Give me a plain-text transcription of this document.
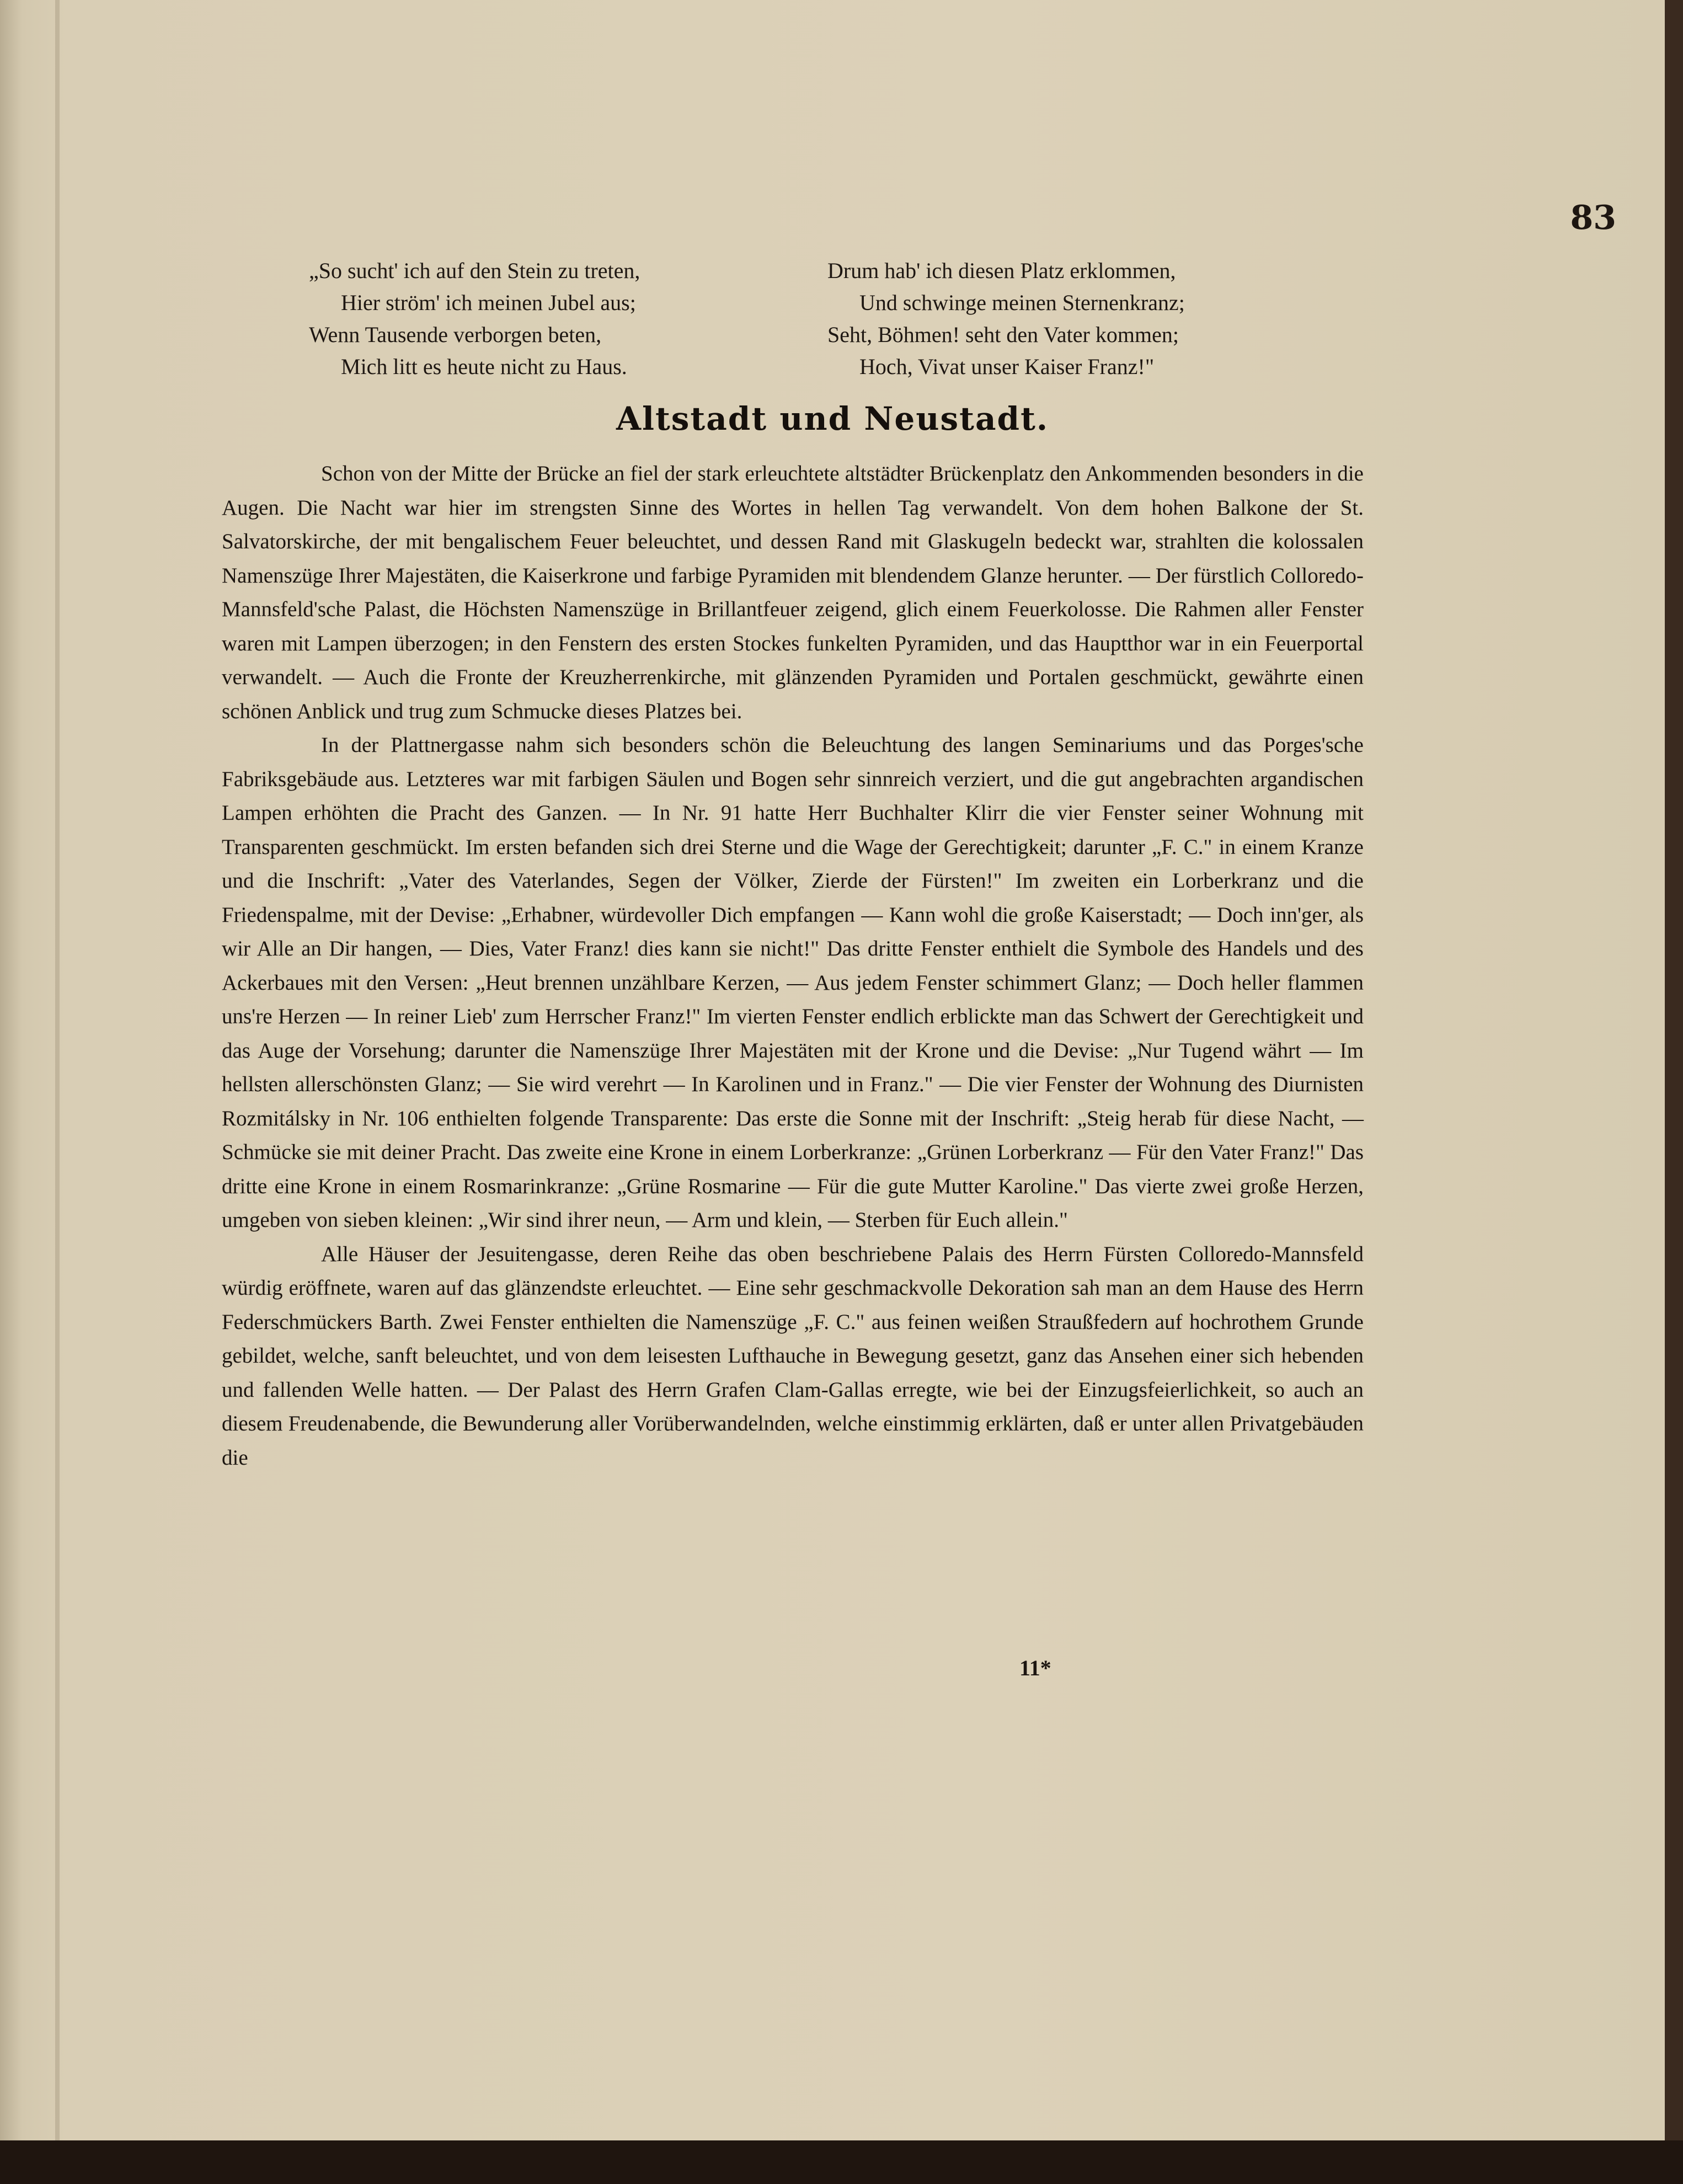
83
„So sucht' ich auf den Stein zu treten,
Hier ström' ich meinen Jubel aus;
Wenn Tausende verborgen beten,
Mich litt es heute nicht zu Haus.
Drum hab' ich diesen Platz erklommen,
Und schwinge meinen Sternenkranz;
Seht, Böhmen! seht den Vater kommen;
Hoch, Vivat unser Kaiser Franz!"
Altstadt und Neustadt.

Schon von der Mitte der Brücke an fiel der stark erleuchtete altstädter Brückenplatz den Ankommenden besonders in die Augen. Die Nacht war hier im strengsten Sinne des Wortes in hellen Tag verwandelt. Von dem hohen Balkone der St. Salvatorskirche, der mit bengalischem Feuer beleuchtet, und dessen Rand mit Glaskugeln bedeckt war, strahlten die kolossalen Namenszüge Ihrer Majestäten, die Kaiserkrone und farbige Pyramiden mit blendendem Glanze herunter. — Der fürstlich Colloredo-Mannsfeld'sche Palast, die Höchsten Namenszüge in Brillantfeuer zeigend, glich einem Feuerkolosse. Die Rahmen aller Fenster waren mit Lampen überzogen; in den Fenstern des ersten Stockes funkelten Pyramiden, und das Hauptthor war in ein Feuerportal verwandelt. — Auch die Fronte der Kreuzherrenkirche, mit glänzenden Pyramiden und Portalen geschmückt, gewährte einen schönen Anblick und trug zum Schmucke dieses Platzes bei.

In der Plattnergasse nahm sich besonders schön die Beleuchtung des langen Seminariums und das Porges'sche Fabriksgebäude aus. Letzteres war mit farbigen Säulen und Bogen sehr sinnreich verziert, und die gut angebrachten argandischen Lampen erhöhten die Pracht des Ganzen. — In Nr. 91 hatte Herr Buchhalter Klirr die vier Fenster seiner Wohnung mit Transparenten geschmückt. Im ersten befanden sich drei Sterne und die Wage der Gerechtigkeit; darunter „F. C." in einem Kranze und die Inschrift: „Vater des Vaterlandes, Segen der Völker, Zierde der Fürsten!" Im zweiten ein Lorberkranz und die Friedenspalme, mit der Devise: „Erhabner, würdevoller Dich empfangen — Kann wohl die große Kaiserstadt; — Doch inn'ger, als wir Alle an Dir hangen, — Dies, Vater Franz! dies kann sie nicht!" Das dritte Fenster enthielt die Symbole des Handels und des Ackerbaues mit den Versen: „Heut brennen unzählbare Kerzen, — Aus jedem Fenster schimmert Glanz; — Doch heller flammen uns're Herzen — In reiner Lieb' zum Herrscher Franz!" Im vierten Fenster endlich erblickte man das Schwert der Gerechtigkeit und das Auge der Vorsehung; darunter die Namenszüge Ihrer Majestäten mit der Krone und die Devise: „Nur Tugend währt — Im hellsten allerschönsten Glanz; — Sie wird verehrt — In Karolinen und in Franz." — Die vier Fenster der Wohnung des Diurnisten Rozmitálsky in Nr. 106 enthielten folgende Transparente: Das erste die Sonne mit der Inschrift: „Steig herab für diese Nacht, — Schmücke sie mit deiner Pracht. Das zweite eine Krone in einem Lorberkranze: „Grünen Lorberkranz — Für den Vater Franz!" Das dritte eine Krone in einem Rosmarinkranze: „Grüne Rosmarine — Für die gute Mutter Karoline." Das vierte zwei große Herzen, umgeben von sieben kleinen: „Wir sind ihrer neun, — Arm und klein, — Sterben für Euch allein."

Alle Häuser der Jesuitengasse, deren Reihe das oben beschriebene Palais des Herrn Fürsten Colloredo-Mannsfeld würdig eröffnete, waren auf das glänzendste erleuchtet. — Eine sehr geschmackvolle Dekoration sah man an dem Hause des Herrn Federschmückers Barth. Zwei Fenster enthielten die Namenszüge „F. C." aus feinen weißen Straußfedern auf hochrothem Grunde gebildet, welche, sanft beleuchtet, und von dem leisesten Lufthauche in Bewegung gesetzt, ganz das Ansehen einer sich hebenden und fallenden Welle hatten. — Der Palast des Herrn Grafen Clam-Gallas erregte, wie bei der Einzugsfeierlichkeit, so auch an diesem Freudenabende, die Bewunderung aller Vorüberwandelnden, welche einstimmig erklärten, daß er unter allen Privatgebäuden die

11*
